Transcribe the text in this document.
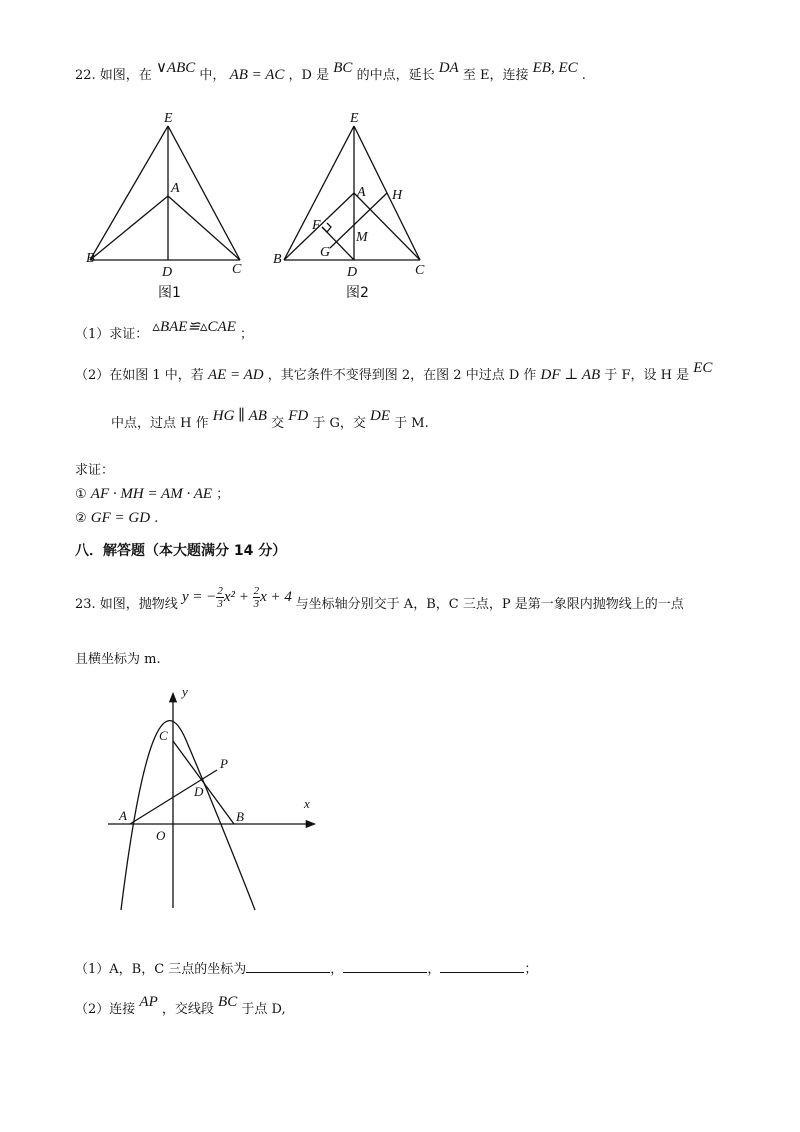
22. 如图，在 ∨ABC 中， AB = AC ，D 是 BC 的中点，延长 DA 至 E，连接 EB, EC .
E
A
B
D	C
图1
E
A H
F
M
G
B
D	C
图2
（1）求证： ▵BAE≌▵CAE ；
（2）在如图 1 中，若 AE = AD ，其它条件不变得到图 2，在图 2 中过点 D 作 DF ⊥ AB 于 F，设 H 是 EC
中点，过点 H 作 HG ∥ AB 交 FD 于 G，交 DE 于 M.
求证：
① AF · MH = AM · AE ；
② GF = GD .
八．解答题（本大题满分 14 分）
23. 如图，抛物线 y = − $\frac{2}{3} x^2 + \frac{2}{3}$ x + 4 与坐标轴分别交于 A，B，C 三点，P 是第一象限内抛物线上的一点
且横坐标为 m.
y
x
C
P
D
A
O
B
（1）A，B，C 三点的坐标为	，	，	；
（2）连接 AP ，交线段 BC 于点 D,
